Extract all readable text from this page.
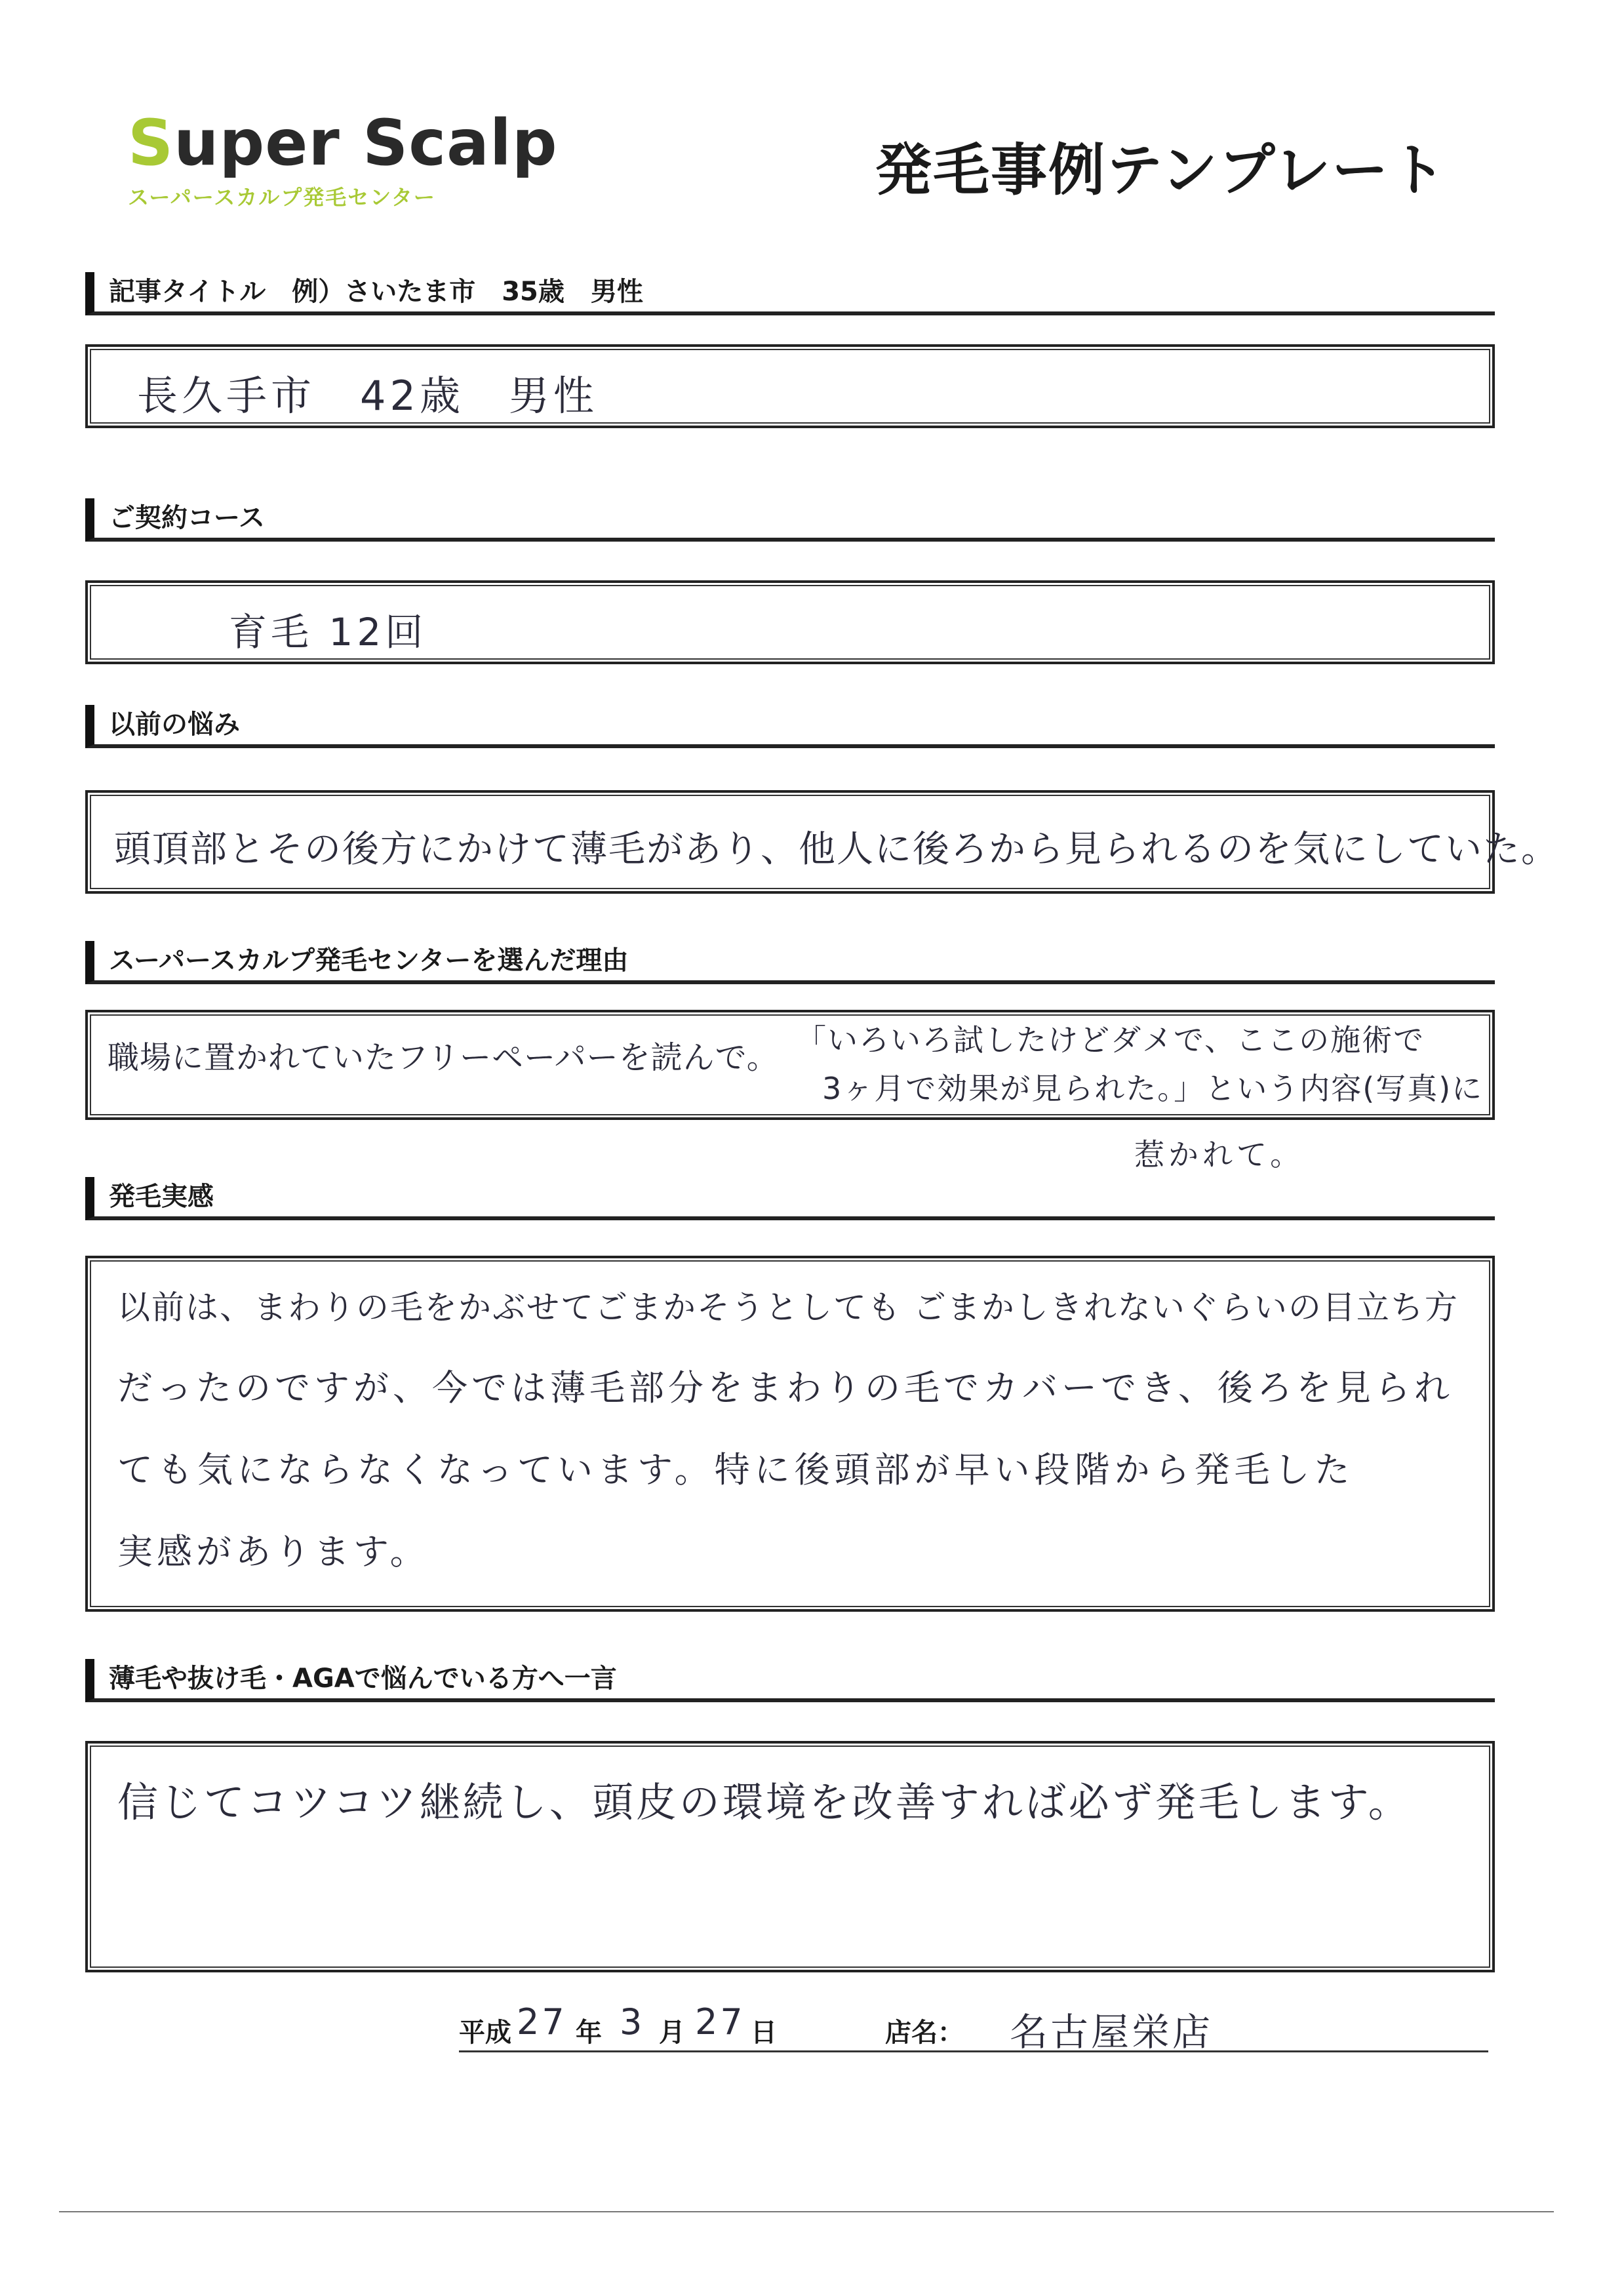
Super Scalp
スーパースカルプ発毛センター	発毛事例テンプレート
記事タイトル　例）さいたま市　35歳　男性
長久手市　42歳　男性
ご契約コース
育毛 12回
以前の悩み
頭頂部とその後方にかけて薄毛があり、他人に後ろから見られるのを気にしていた。
スーパースカルプ発毛センターを選んだ理由
職場に置かれていたフリーペーパーを読んで。 「いろいろ試したけどダメで、ここの施術で
3ヶ月で効果が見られた。」という内容(写真)に
惹かれて。
発毛実感
以前は、まわりの毛をかぶせてごまかそうとしても ごまかしきれないぐらいの目立ち方
だったのですが、今では薄毛部分をまわりの毛でカバーでき、後ろを見られ
ても気にならなくなっています。特に後頭部が早い段階から発毛した
実感があります。
薄毛や抜け毛・AGAで悩んでいる方へ一言
信じてコツコツ継続し、頭皮の環境を改善すれば必ず発毛します。
平成 27 年 3 月 27 日	店名： 名古屋栄店
